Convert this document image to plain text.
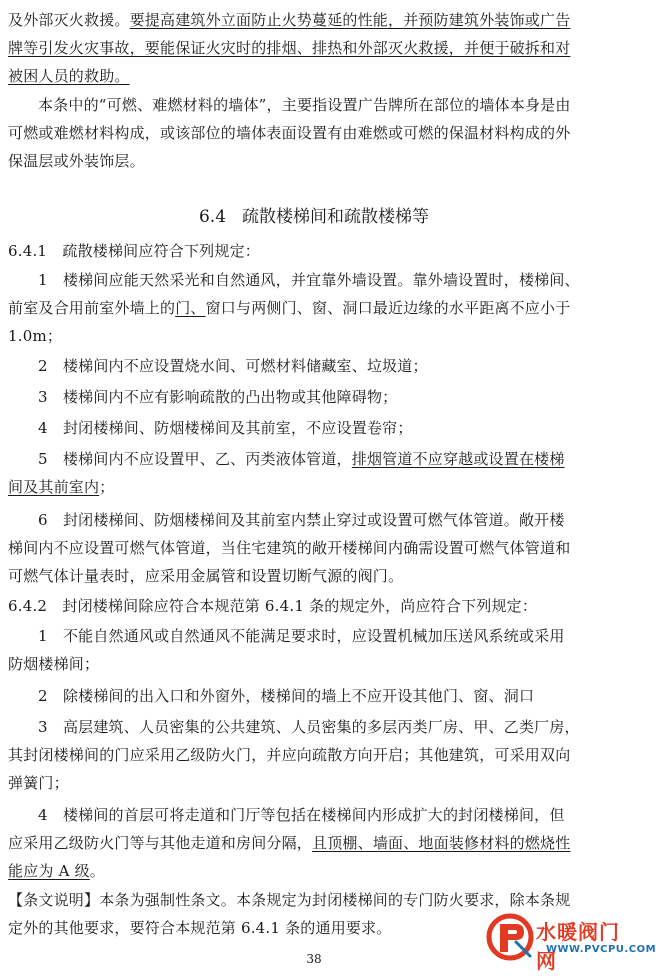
及外部灭火救援。要提高建筑外立面防止火势蔓延的性能，并预防建筑外装饰或广告
牌等引发火灾事故，要能保证火灾时的排烟、排热和外部灭火救援，并便于破拆和对
被困人员的救助。
本条中的“可燃、难燃材料的墙体”，主要指设置广告牌所在部位的墙体本身是由
可燃或难燃材料构成，或该部位的墙体表面设置有由难燃或可燃的保温材料构成的外
保温层或外装饰层。
6.4 疏散楼梯间和疏散楼梯等
6.4.1　疏散楼梯间应符合下列规定：
1　楼梯间应能天然采光和自然通风，并宜靠外墙设置。靠外墙设置时，楼梯间、
前室及合用前室外墙上的门、窗口与两侧门、窗、洞口最近边缘的水平距离不应小于
1.0m；
2　楼梯间内不应设置烧水间、可燃材料储藏室、垃圾道；
3　楼梯间内不应有影响疏散的凸出物或其他障碍物；
4　封闭楼梯间、防烟楼梯间及其前室，不应设置卷帘；
5　楼梯间内不应设置甲、乙、丙类液体管道，排烟管道不应穿越或设置在楼梯
间及其前室内；
6　封闭楼梯间、防烟楼梯间及其前室内禁止穿过或设置可燃气体管道。敞开楼
梯间内不应设置可燃气体管道，当住宅建筑的敞开楼梯间内确需设置可燃气体管道和
可燃气体计量表时，应采用金属管和设置切断气源的阀门。
6.4.2　封闭楼梯间除应符合本规范第 6.4.1 条的规定外，尚应符合下列规定：
1　不能自然通风或自然通风不能满足要求时，应设置机械加压送风系统或采用
防烟楼梯间；
2　除楼梯间的出入口和外窗外，楼梯间的墙上不应开设其他门、窗、洞口
3　高层建筑、人员密集的公共建筑、人员密集的多层丙类厂房、甲、乙类厂房，
其封闭楼梯间的门应采用乙级防火门，并应向疏散方向开启；其他建筑，可采用双向
弹簧门；
4　楼梯间的首层可将走道和门厅等包括在楼梯间内形成扩大的封闭楼梯间，但
应采用乙级防火门等与其他走道和房间分隔，且顶棚、墙面、地面装修材料的燃烧性
能应为 A 级。
【条文说明】本条为强制性条文。本条规定为封闭楼梯间的专门防火要求，除本条规
定外的其他要求，要符合本规范第 6.4.1 条的通用要求。
38
水暖阀门网
WWW.PVCPU.COM
